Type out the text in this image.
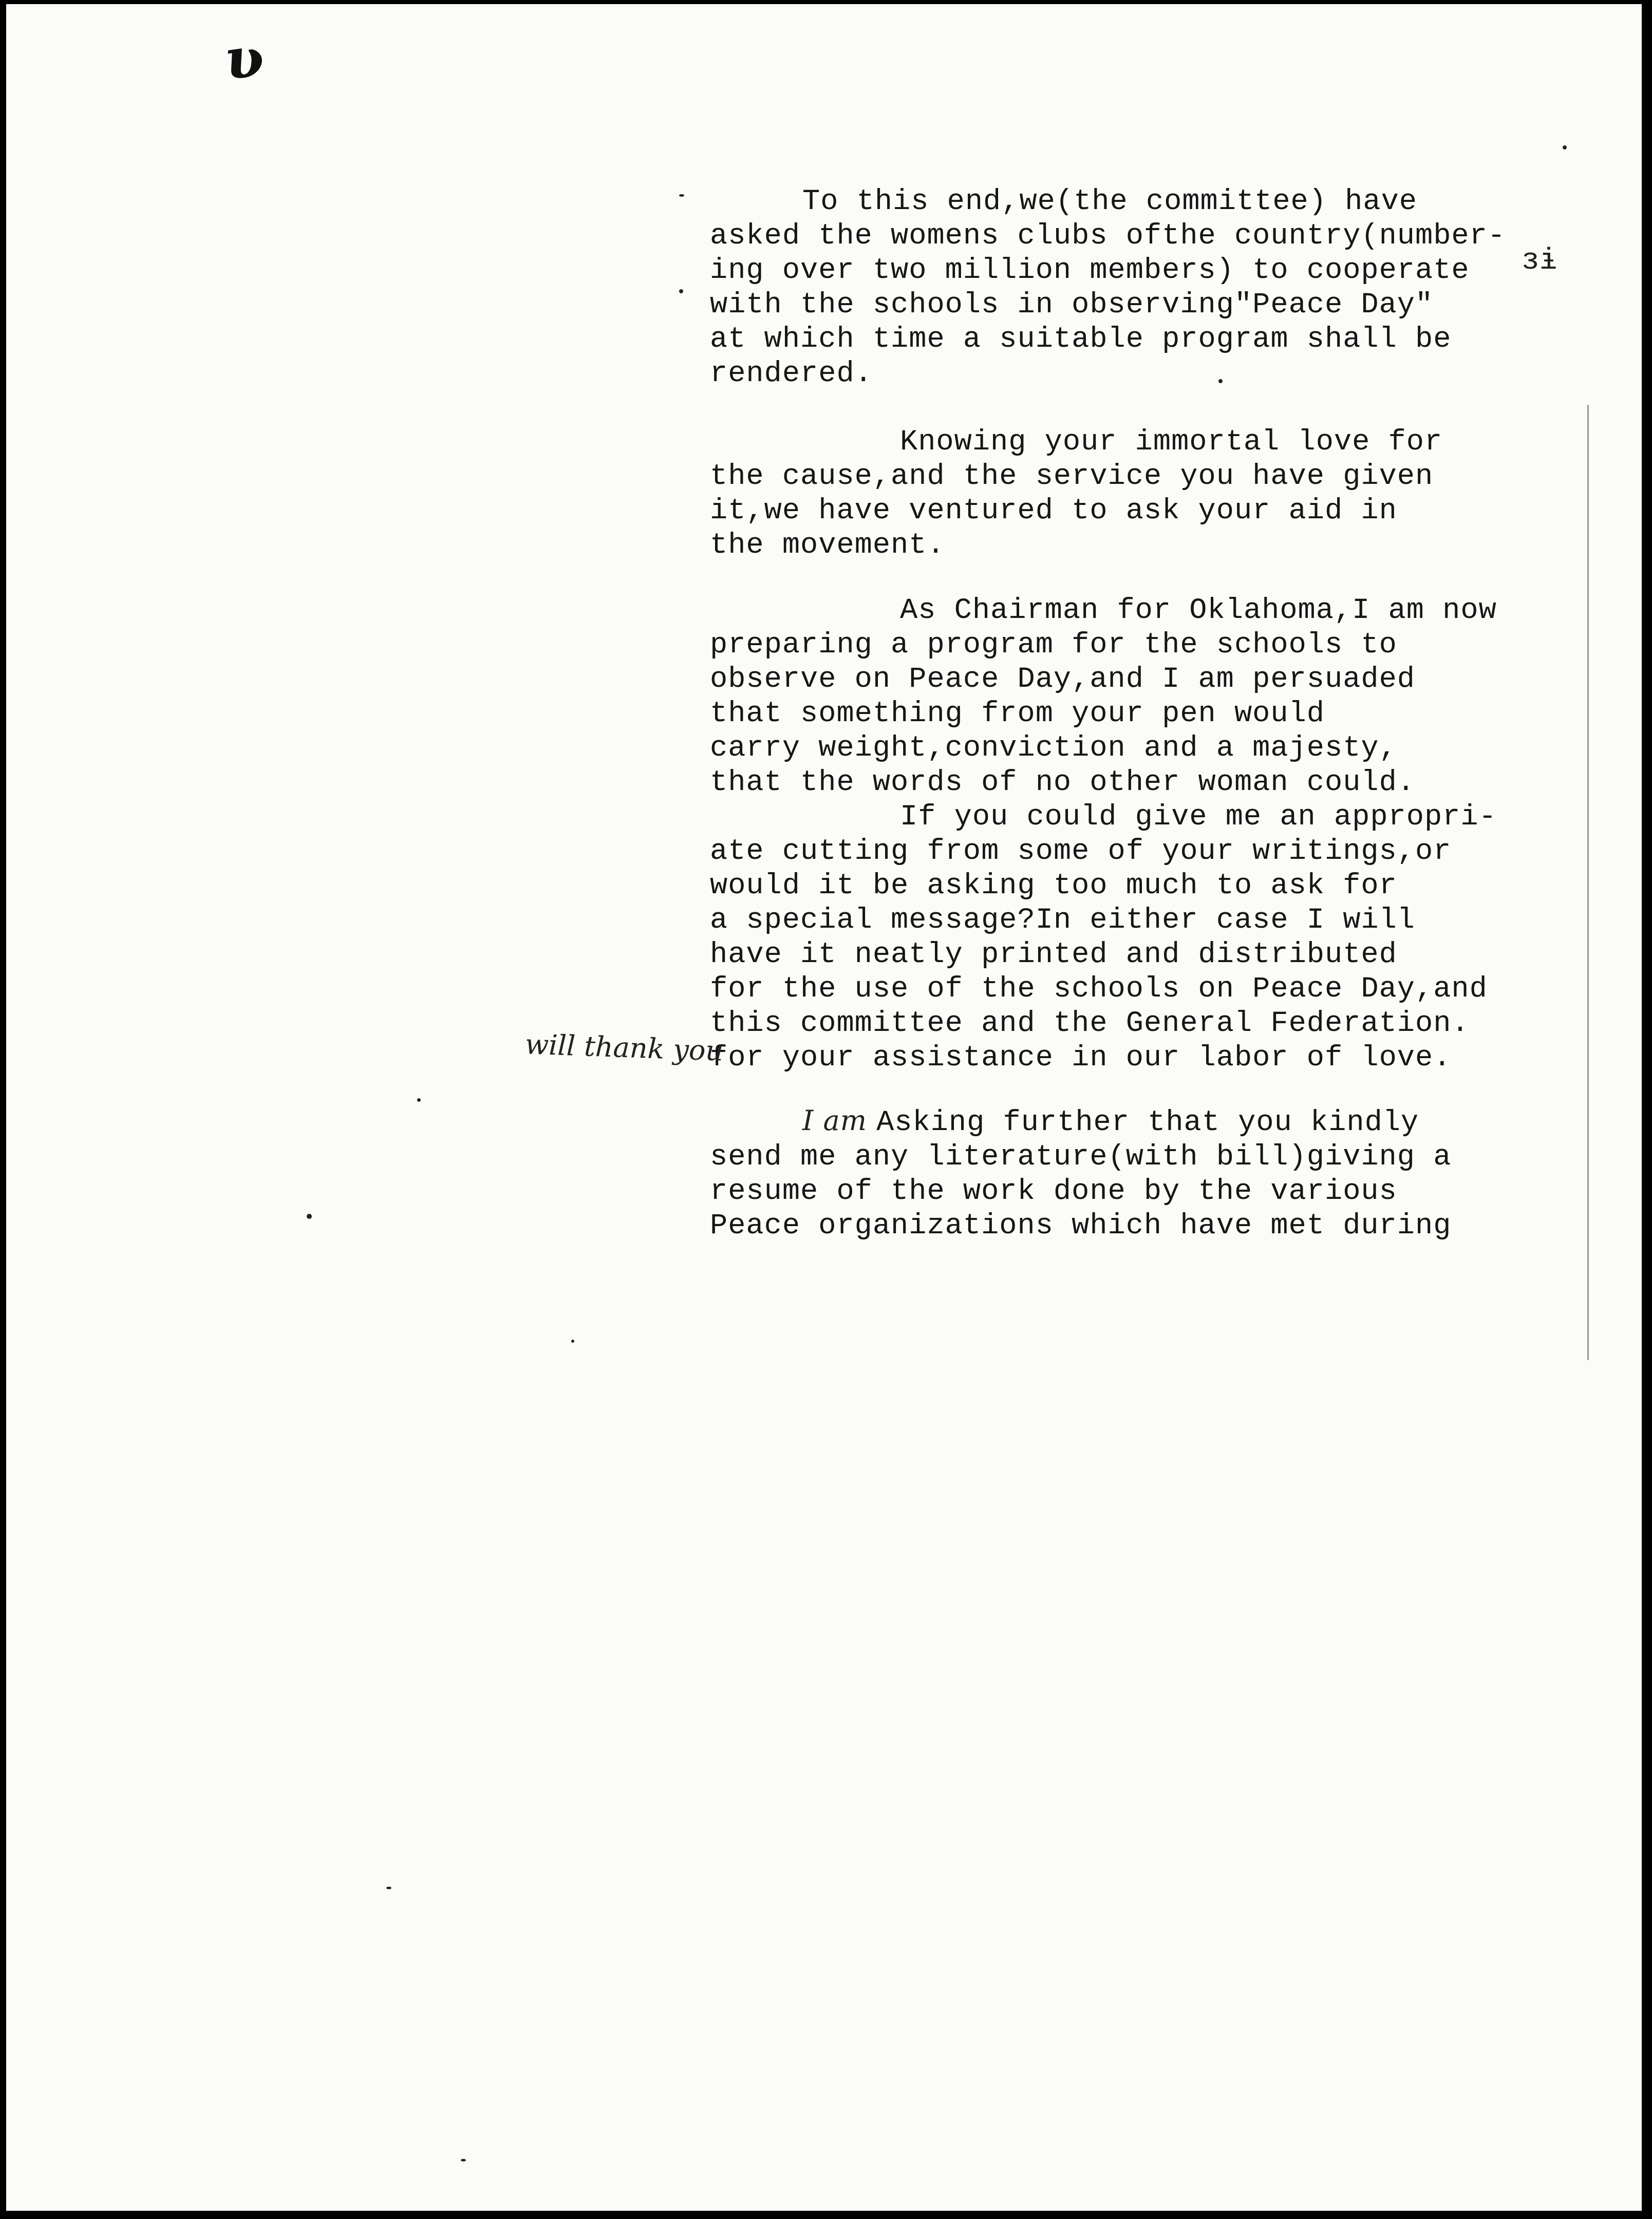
ʋ
ɜɨ
To this end,we(the committee) have
asked the womens clubs ofthe country(number-
ing over two million members) to cooperate
with the schools in observing"Peace Day"
at which time a suitable program shall be
rendered.
Knowing your immortal love for
the cause,and the service you have given
it,we have ventured to ask your aid in
the movement.
As Chairman for Oklahoma,I am now
preparing a program for the schools to
observe on Peace Day,and I am persuaded
that something from your pen would
carry weight,conviction and a majesty,
that the words of no other woman could.
If you could give me an appropri-
ate cutting from some of your writings,or
would it be asking too much to ask for
a special message?In either case I will
have it neatly printed and distributed
for the use of the schools on Peace Day,and
this committee and the General Federation.
for your assistance in our labor of love.
will thank you
I am Asking further that you kindly
send me any literature(with bill)giving a
resume of the work done by the various
Peace organizations which have met during
